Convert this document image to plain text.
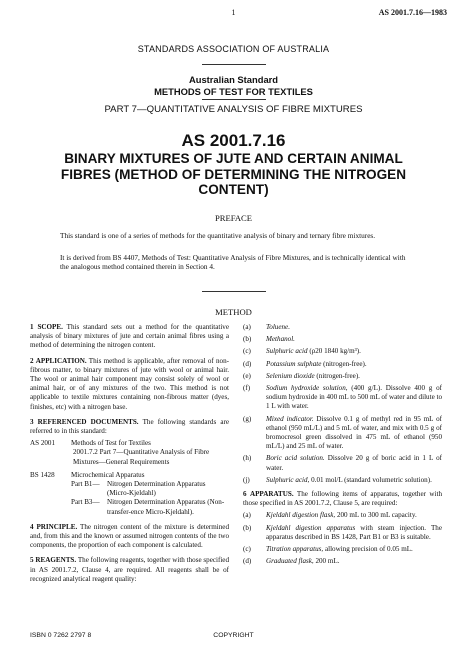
1	AS 2001.7.16—1983
STANDARDS ASSOCIATION OF AUSTRALIA
Australian Standard
METHODS OF TEST FOR TEXTILES
PART 7—QUANTITATIVE ANALYSIS OF FIBRE MIXTURES
AS 2001.7.16
BINARY MIXTURES OF JUTE AND CERTAIN ANIMAL FIBRES (METHOD OF DETERMINING THE NITROGEN CONTENT)
PREFACE

This standard is one of a series of methods for the quantitative analysis of binary and ternary fibre mixtures.

It is derived from BS 4407, Methods of Test: Quantitative Analysis of Fibre Mixtures, and is technically identical with the analogous method contained therein in Section 4.

METHOD

1 SCOPE. This standard sets out a method for the quantitative analysis of binary mixtures of jute and certain animal fibres using a method of determining the nitrogen content.

2 APPLICATION. This method is applicable, after removal of non-fibrous matter, to binary mixtures of jute with wool or animal hair. The wool or animal hair component may consist solely of wool or animal hair, or of any mixtures of the two. This method is not applicable to textile mixtures containing non-fibrous matter (dyes, finishes, etc) with a nitrogen base.

3 REFERENCED DOCUMENTS. The following standards are referred to in this standard:

AS 2001	Methods of Test for Textiles
2001.7.2 Part 7—Quantitative Analysis of Fibre Mixtures—General Requirements
BS 1428	Microchemical Apparatus
Part B1—	Nitrogen Determination Apparatus (Micro-Kjeldahl)
Part B3—	Nitrogen Determination Apparatus (Non-transfer-ence Micro-Kjeldahl).

4 PRINCIPLE. The nitrogen content of the mixture is determined and, from this and the known or assumed nitrogen contents of the two components, the proportion of each component is calculated.

5 REAGENTS. The following reagents, together with those specified in AS 2001.7.2, Clause 4, are required. All reagents shall be of recognized analytical reagent quality:

(a)	Toluene.
(b)	Methanol.
(c)	Sulphuric acid (ρ20 1840 kg/m³).
(d)	Potassium sulphate (nitrogen-free).
(e)	Selenium dioxide (nitrogen-free).
(f)	Sodium hydroxide solution, (400 g/L). Dissolve 400 g of sodium hydroxide in 400 mL to 500 mL of water and dilute to 1 L with water.
(g)	Mixed indicator. Dissolve 0.1 g of methyl red in 95 mL of ethanol (950 mL/L) and 5 mL of water, and mix with 0.5 g of bromocresol green dissolved in 475 mL of ethanol (950 mL/L) and 25 mL of water.
(h)	Boric acid solution. Dissolve 20 g of boric acid in 1 L of water.
(j)	Sulphuric acid, 0.01 mol/L (standard volumetric solution).

6 APPARATUS. The following items of apparatus, together with those specified in AS 2001.7.2, Clause 5, are required:

(a)	Kjeldahl digestion flask, 200 mL to 300 mL capacity.
(b)	Kjeldahl digestion apparatus with steam injection. The apparatus described in BS 1428, Part B1 or B3 is suitable.
(c)	Titration apparatus, allowing precision of 0.05 mL.
(d)	Graduated flask, 200 mL.
ISBN 0 7262 2797 8	COPYRIGHT
